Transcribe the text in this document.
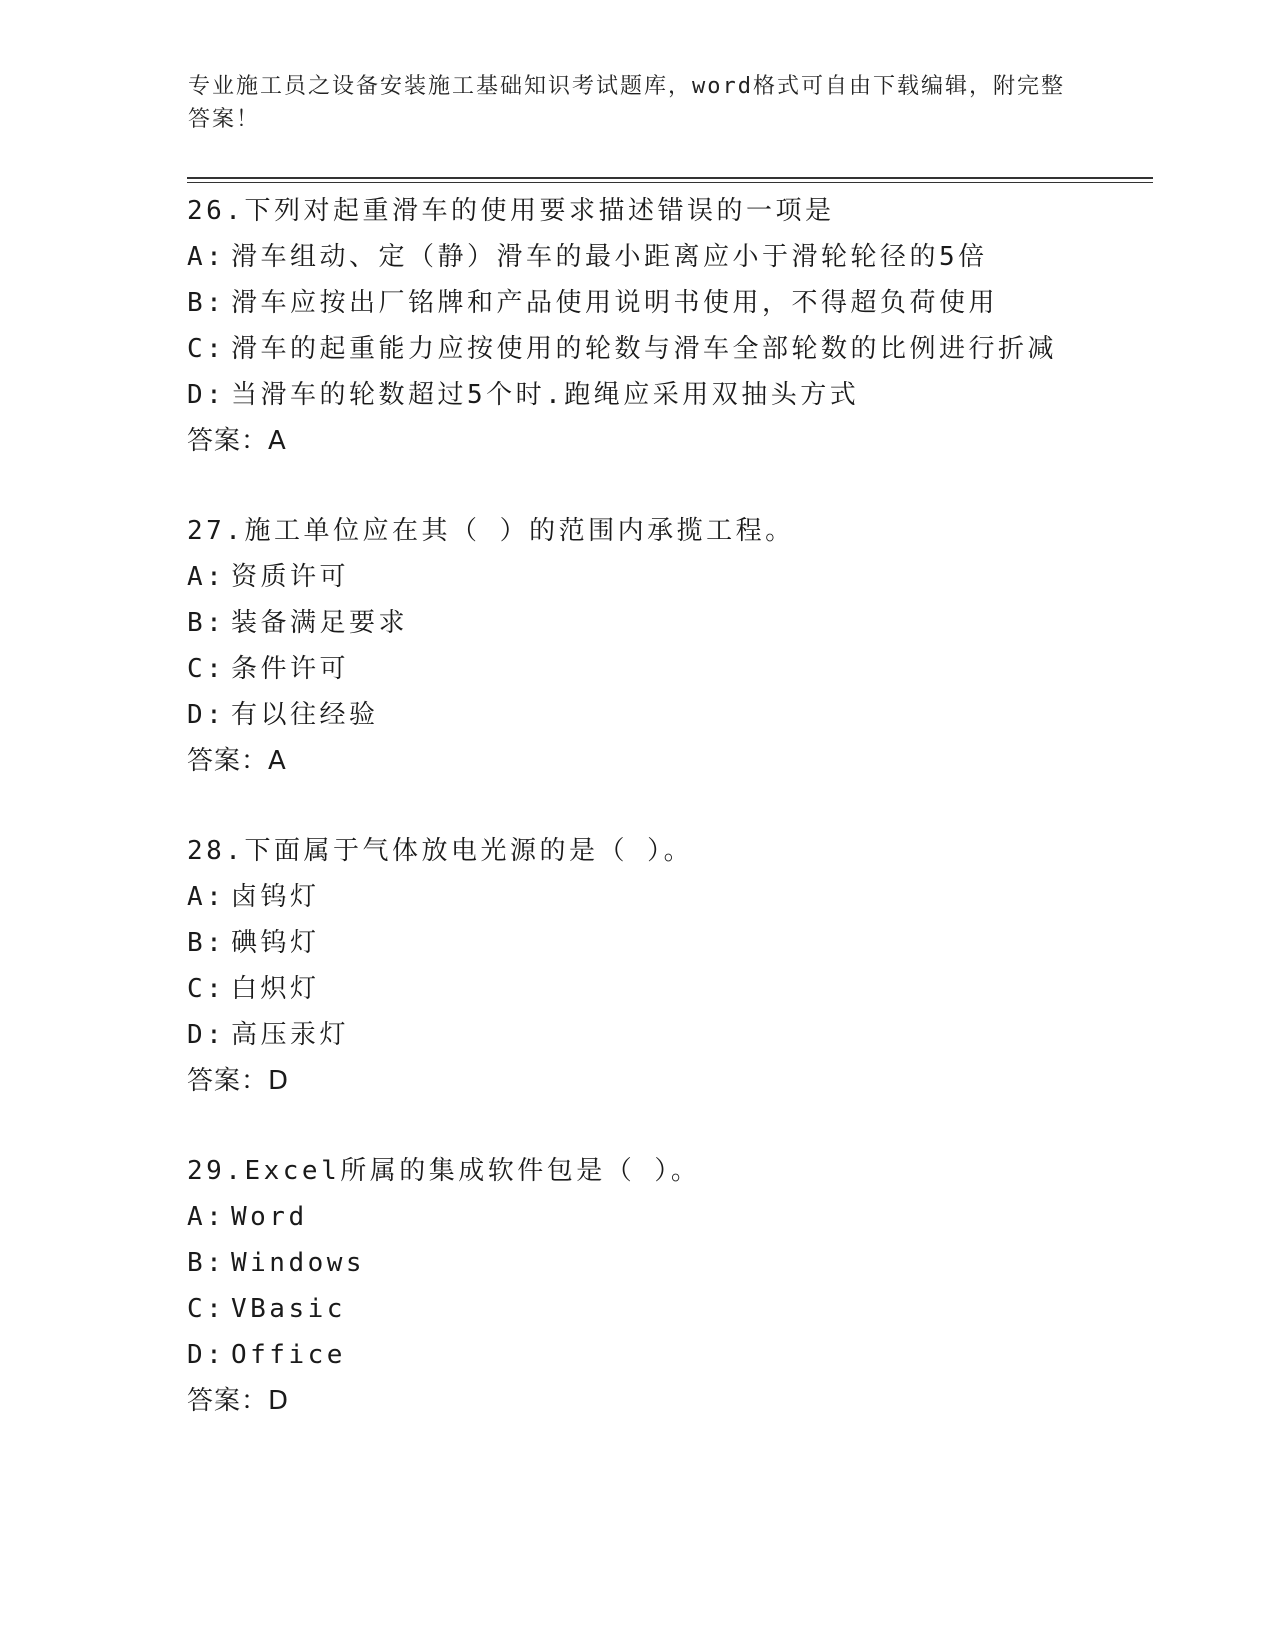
专业施工员之设备安装施工基础知识考试题库，word格式可自由下载编辑，附完整答案！
26.下列对起重滑车的使用要求描述错误的一项是
A: 滑车组动、定（静）滑车的最小距离应小于滑轮轮径的5倍
B: 滑车应按出厂铭牌和产品使用说明书使用，不得超负荷使用
C: 滑车的起重能力应按使用的轮数与滑车全部轮数的比例进行折减
D: 当滑车的轮数超过5个时.跑绳应采用双抽头方式
答案：A
27.施工单位应在其（ ）的范围内承揽工程。
A: 资质许可
B: 装备满足要求
C: 条件许可
D: 有以往经验
答案：A
28.下面属于气体放电光源的是（ ）。
A: 卤钨灯
B: 碘钨灯
C: 白炽灯
D: 高压汞灯
答案：D
29.Excel所属的集成软件包是（ ）。
A: Word
B: Windows
C: VBasic
D: Office
答案：D
